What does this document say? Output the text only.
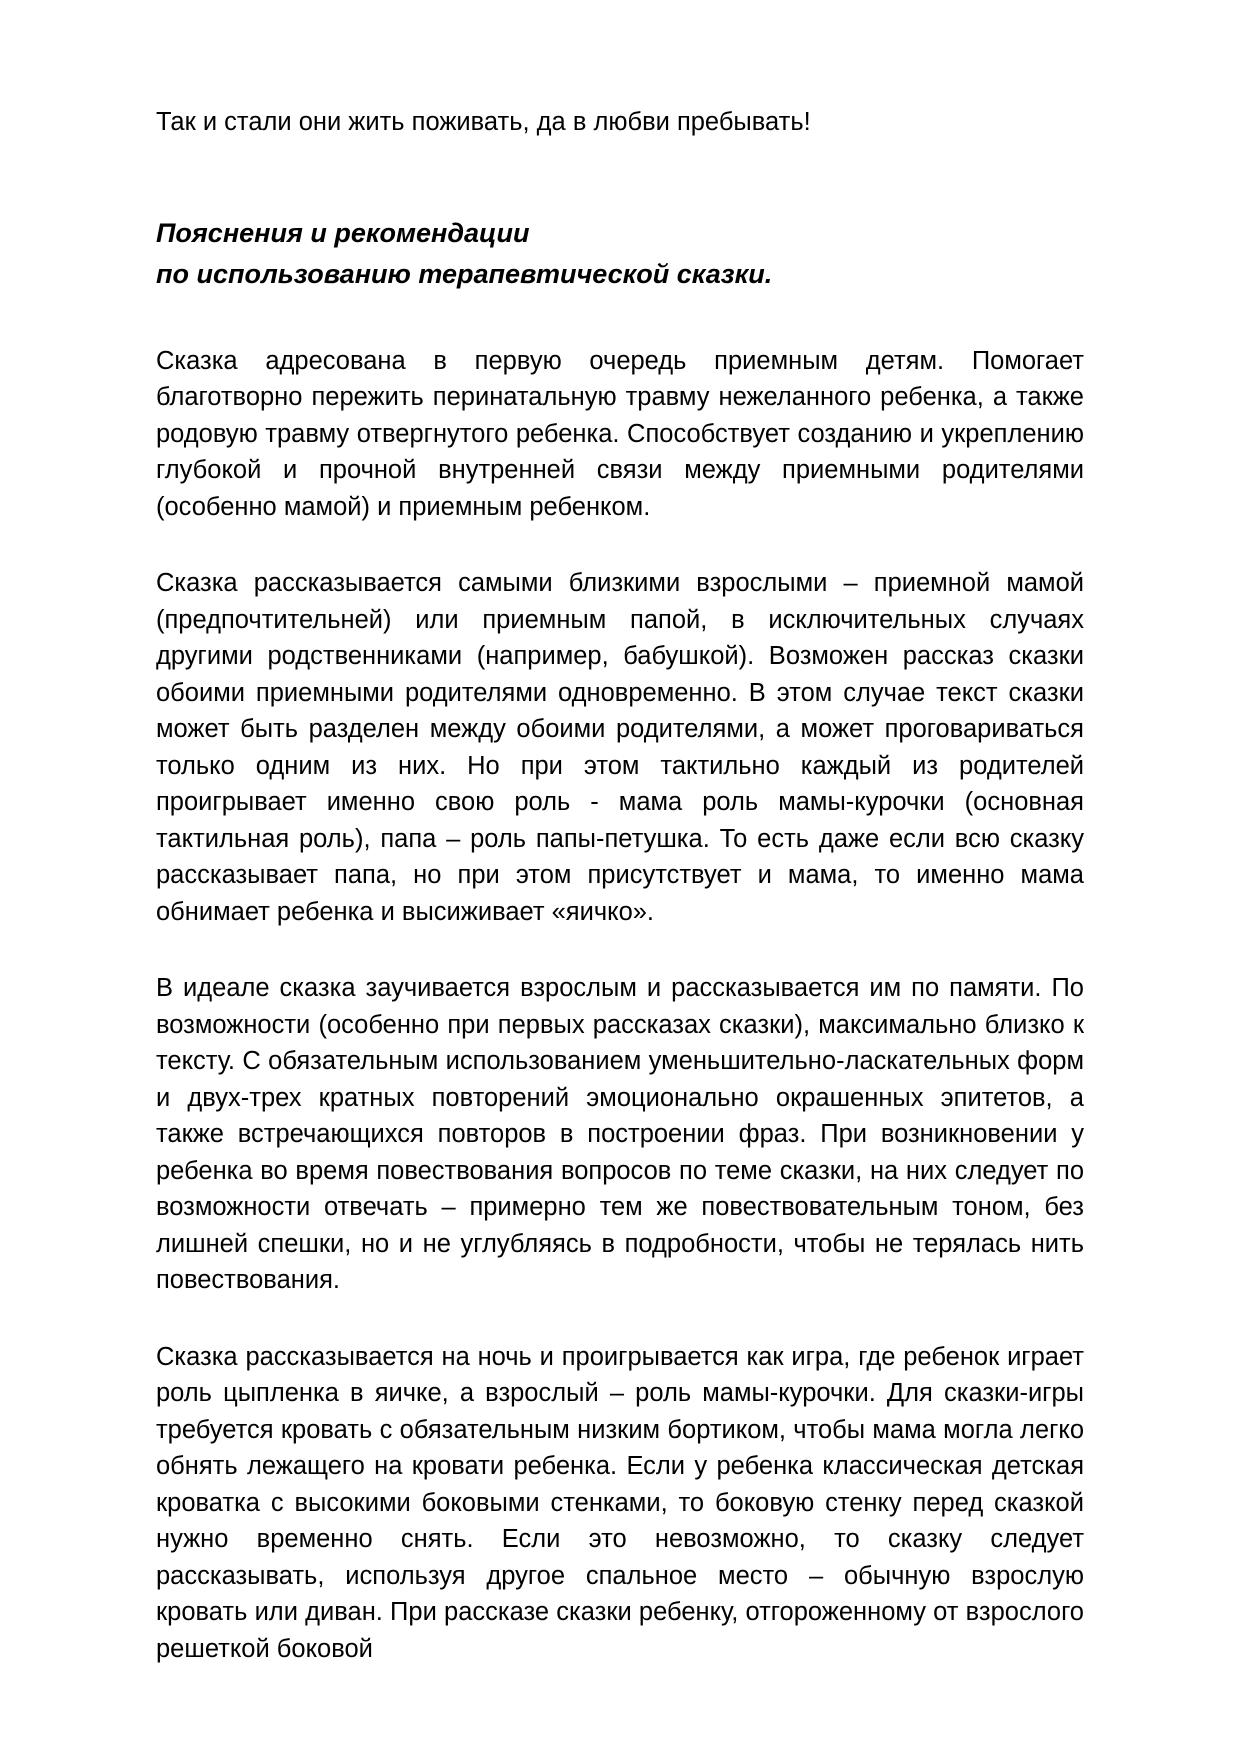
Так и стали они жить поживать, да в любви пребывать!
Пояснения и рекомендации
по использованию терапевтической сказки.

Сказка адресована в первую очередь приемным детям. Помогает благотворно пережить перинатальную травму нежеланного ребенка, а также родовую травму отвергнутого ребенка. Способствует созданию и укреплению глубокой и прочной внутренней связи между приемными родителями (особенно мамой) и приемным ребенком.

Сказка рассказывается самыми близкими взрослыми – приемной мамой (предпочтительней) или приемным папой, в исключительных случаях другими родственниками (например, бабушкой). Возможен рассказ сказки обоими приемными родителями одновременно. В этом случае текст сказки может быть разделен между обоими родителями, а может проговариваться только одним из них. Но при этом тактильно каждый из родителей проигрывает именно свою роль - мама роль мамы-курочки (основная тактильная роль), папа – роль папы-петушка. То есть даже если всю сказку рассказывает папа, но при этом присутствует и мама, то именно мама обнимает ребенка и высиживает «яичко».

В идеале сказка заучивается взрослым и рассказывается им по памяти. По возможности (особенно при первых рассказах сказки), максимально близко к тексту. С обязательным использованием уменьшительно-ласкательных форм и двух-трех кратных повторений эмоционально окрашенных эпитетов, а также встречающихся повторов в построении фраз. При возникновении у ребенка во время повествования вопросов по теме сказки, на них следует по возможности отвечать – примерно тем же повествовательным тоном, без лишней спешки, но и не углубляясь в подробности, чтобы не терялась нить повествования.

Сказка рассказывается на ночь и проигрывается как игра, где ребенок играет роль цыпленка в яичке, а взрослый – роль мамы-курочки. Для сказки-игры требуется кровать с обязательным низким бортиком, чтобы мама могла легко обнять лежащего на кровати ребенка. Если у ребенка классическая детская кроватка с высокими боковыми стенками, то боковую стенку перед сказкой нужно временно снять. Если это невозможно, то сказку следует рассказывать, используя другое спальное место – обычную взрослую кровать или диван. При рассказе сказки ребенку, отгороженному от взрослого решеткой боковой
